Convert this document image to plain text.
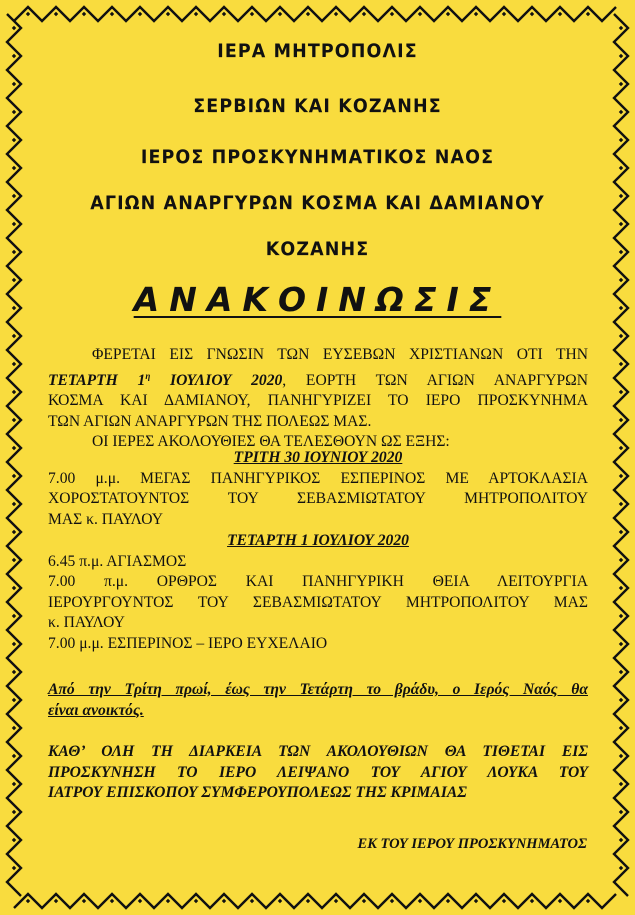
ΙΕΡΑ ΜΗΤΡΟΠΟΛΙΣ
ΣΕΡΒΙΩΝ ΚΑΙ ΚΟΖΑΝΗΣ
ΙΕΡΟΣ ΠΡΟΣΚΥΝΗΜΑΤΙΚΟΣ ΝΑΟΣ
ΑΓΙΩΝ ΑΝΑΡΓΥΡΩΝ ΚΟΣΜΑ ΚΑΙ ΔΑΜΙΑΝΟΥ
ΚΟΖΑΝΗΣ
ΑΝΑΚΟΙΝΩΣΙΣ

ΦΕΡΕΤΑΙ ΕΙΣ ΓΝΩΣΙΝ ΤΩΝ ΕΥΣΕΒΩΝ ΧΡΙΣΤΙΑΝΩΝ ΟΤΙ ΤΗΝ

ΤΕΤΑΡΤΗ $1^\eta$ ΙΟΥΛΙΟΥ 2020, ΕΟΡΤΗ ΤΩΝ ΑΓΙΩΝ ΑΝΑΡΓΥΡΩΝ

ΚΟΣΜΑ ΚΑΙ ΔΑΜΙΑΝΟΥ, ΠΑΝΗΓΥΡΙΖΕΙ ΤΟ ΙΕΡΟ ΠΡΟΣΚΥΝΗΜΑ

ΤΩΝ ΑΓΙΩΝ ΑΝΑΡΓΥΡΩΝ ΤΗΣ ΠΟΛΕΩΣ ΜΑΣ.

ΟΙ ΙΕΡΕΣ ΑΚΟΛΟΥΘΙΕΣ ΘΑ ΤΕΛΕΣΘΟΥΝ ΩΣ ΕΞΗΣ:

ΤΡΙΤΗ 30 ΙΟΥΝΙΟΥ 2020

7.00 μ.μ. ΜΕΓΑΣ ΠΑΝΗΓΥΡΙΚΟΣ ΕΣΠΕΡΙΝΟΣ ΜΕ ΑΡΤΟΚΛΑΣΙΑ

ΧΟΡΟΣΤΑΤΟΥΝΤΟΣ ΤΟΥ ΣΕΒΑΣΜΙΩΤΑΤΟΥ ΜΗΤΡΟΠΟΛΙΤΟΥ

ΜΑΣ κ. ΠΑΥΛΟΥ

ΤΕΤΑΡΤΗ 1 ΙΟΥΛΙΟΥ 2020

6.45 π.μ. ΑΓΙΑΣΜΟΣ

7.00 π.μ. ΟΡΘΡΟΣ ΚΑΙ ΠΑΝΗΓΥΡΙΚΗ ΘΕΙΑ ΛΕΙΤΟΥΡΓΙΑ

ΙΕΡΟΥΡΓΟΥΝΤΟΣ ΤΟΥ ΣΕΒΑΣΜΙΩΤΑΤΟΥ ΜΗΤΡΟΠΟΛΙΤΟΥ ΜΑΣ

κ. ΠΑΥΛΟΥ

7.00 μ.μ. ΕΣΠΕΡΙΝΟΣ – ΙΕΡΟ ΕΥΧΕΛΑΙΟ

Από την Τρίτη πρωί, έως την Τετάρτη το βράδυ, ο Ιερός Ναός θα

είναι ανοικτός.

ΚΑΘ’ ΟΛΗ ΤΗ ΔΙΑΡΚΕΙΑ ΤΩΝ ΑΚΟΛΟΥΘΙΩΝ ΘΑ ΤΙΘΕΤΑΙ ΕΙΣ

ΠΡΟΣΚΥΝΗΣΗ ΤΟ ΙΕΡΟ ΛΕΙΨΑΝΟ ΤΟΥ ΑΓΙΟΥ ΛΟΥΚΑ ΤΟΥ

ΙΑΤΡΟΥ ΕΠΙΣΚΟΠΟΥ ΣΥΜΦΕΡΟΥΠΟΛΕΩΣ ΤΗΣ ΚΡΙΜΑΙΑΣ

ΕΚ ΤΟΥ ΙΕΡΟΥ ΠΡΟΣΚΥΝΗΜΑΤΟΣ
